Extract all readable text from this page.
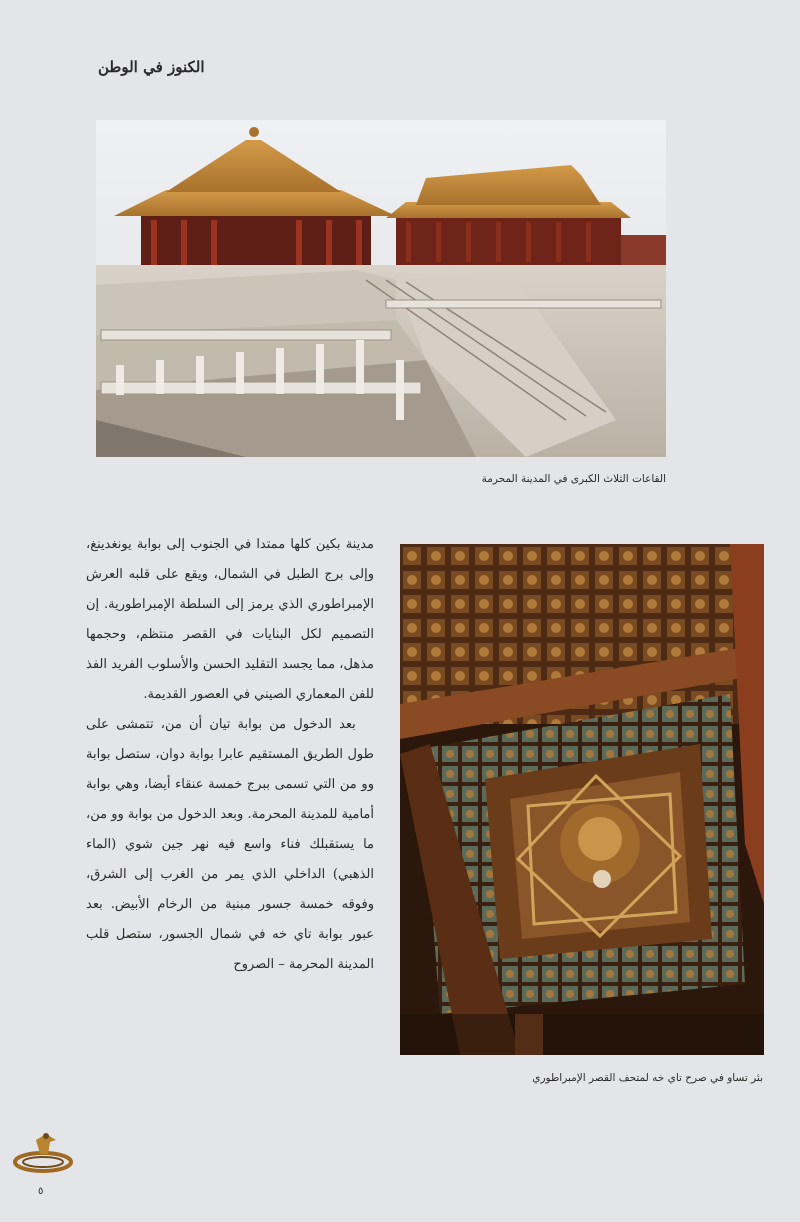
الكنوز في الوطن
القاعات الثلاث الكبرى في المدينة المحرمة

مدينة بكين كلها ممتدا في الجنوب إلى بوابة يونغدينغ، وإلى برج الطبل في الشمال، ويقع على قلبه العرش الإمبراطوري الذي يرمز إلى السلطة الإمبراطورية. إن التصميم لكل البنايات في القصر منتظم، وحجمها مذهل، مما يجسد التقليد الحسن والأسلوب الفريد الفذ للفن المعماري الصيني في العصور القديمة.

بعد الدخول من بوابة تيان أن من، تتمشى على طول الطريق المستقيم عابرا بوابة دوان، ستصل بوابة وو من التي تسمى ببرج خمسة عنقاء أيضا، وهي بوابة أمامية للمدينة المحرمة. وبعد الدخول من بوابة وو من، ما يستقبلك فناء واسع فيه نهر جين شوي (الماء الذهبي) الداخلي الذي يمر من الغرب إلى الشرق، وفوقه خمسة جسور مبنية من الرخام الأبيض. بعد عبور بوابة تاي خه في شمال الجسور، ستصل قلب المدينة المحرمة – الصروح

بئر تساو في صرح تاي خه لمتحف القصر الإمبراطوري
٥
